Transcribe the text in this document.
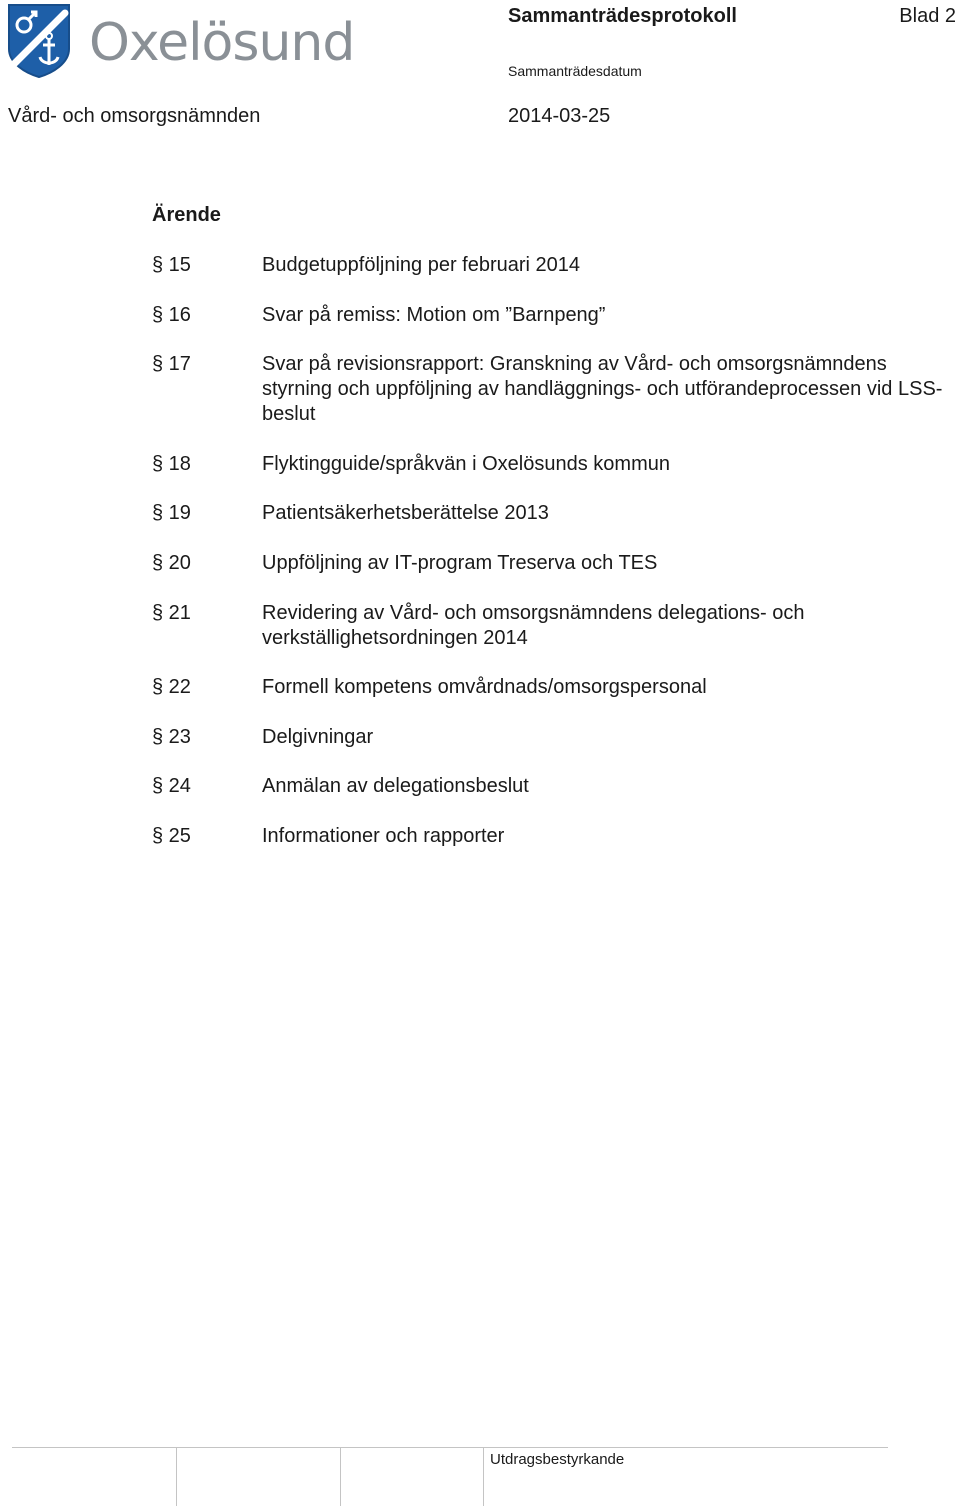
Oxelösund	Sammanträdesprotokoll	Blad 2
Sammanträdesdatum
Vård- och omsorgsnämnden	2014-03-25
Ärende
§ 15	Budgetuppföljning per februari 2014
§ 16	Svar på remiss: Motion om ”Barnpeng”
§ 17	Svar på revisionsrapport: Granskning av Vård- och omsorgsnämndens styrning och uppföljning av handläggnings- och utförandeprocessen vid LSS-beslut
§ 18	Flyktingguide/språkvän i Oxelösunds kommun
§ 19	Patientsäkerhetsberättelse 2013
§ 20	Uppföljning av IT-program Treserva och TES
§ 21	Revidering av Vård- och omsorgsnämndens delegations- och verkställighetsordningen 2014
§ 22	Formell kompetens omvårdnads/omsorgspersonal
§ 23	Delgivningar
§ 24	Anmälan av delegationsbeslut
§ 25	Informationer och rapporter
Utdragsbestyrkande
